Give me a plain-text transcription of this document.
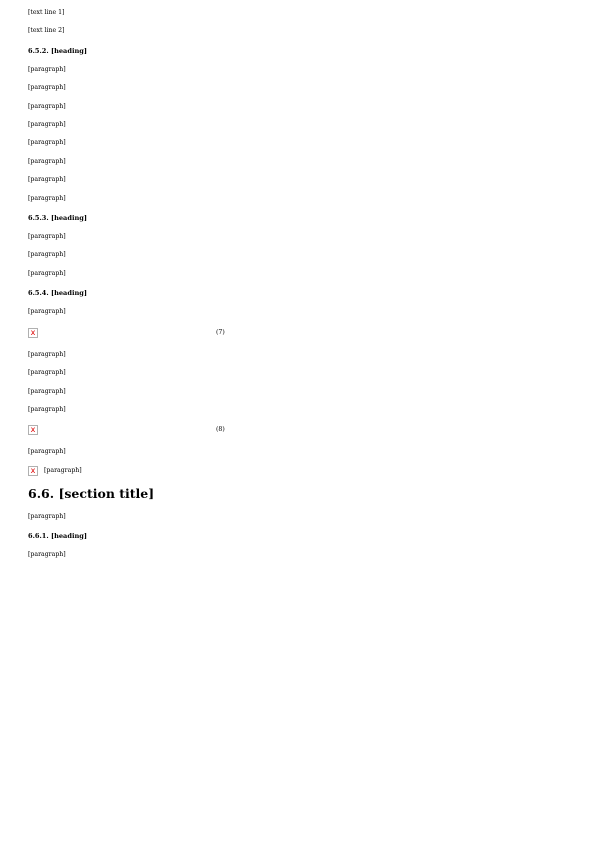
[text line 1]

[text line 2]

6.5.2. [heading]

[paragraph]

[paragraph]

[paragraph]

[paragraph]

[paragraph]

[paragraph]

[paragraph]

[paragraph]

6.5.3. [heading]

[paragraph]

[paragraph]

[paragraph]

6.5.4. [heading]

[paragraph]

x	(7)

[paragraph]

[paragraph]

[paragraph]

[paragraph]

x	(8)

[paragraph]

x	[paragraph]
6.6. [section title]

[paragraph]

6.6.1. [heading]

[paragraph]
